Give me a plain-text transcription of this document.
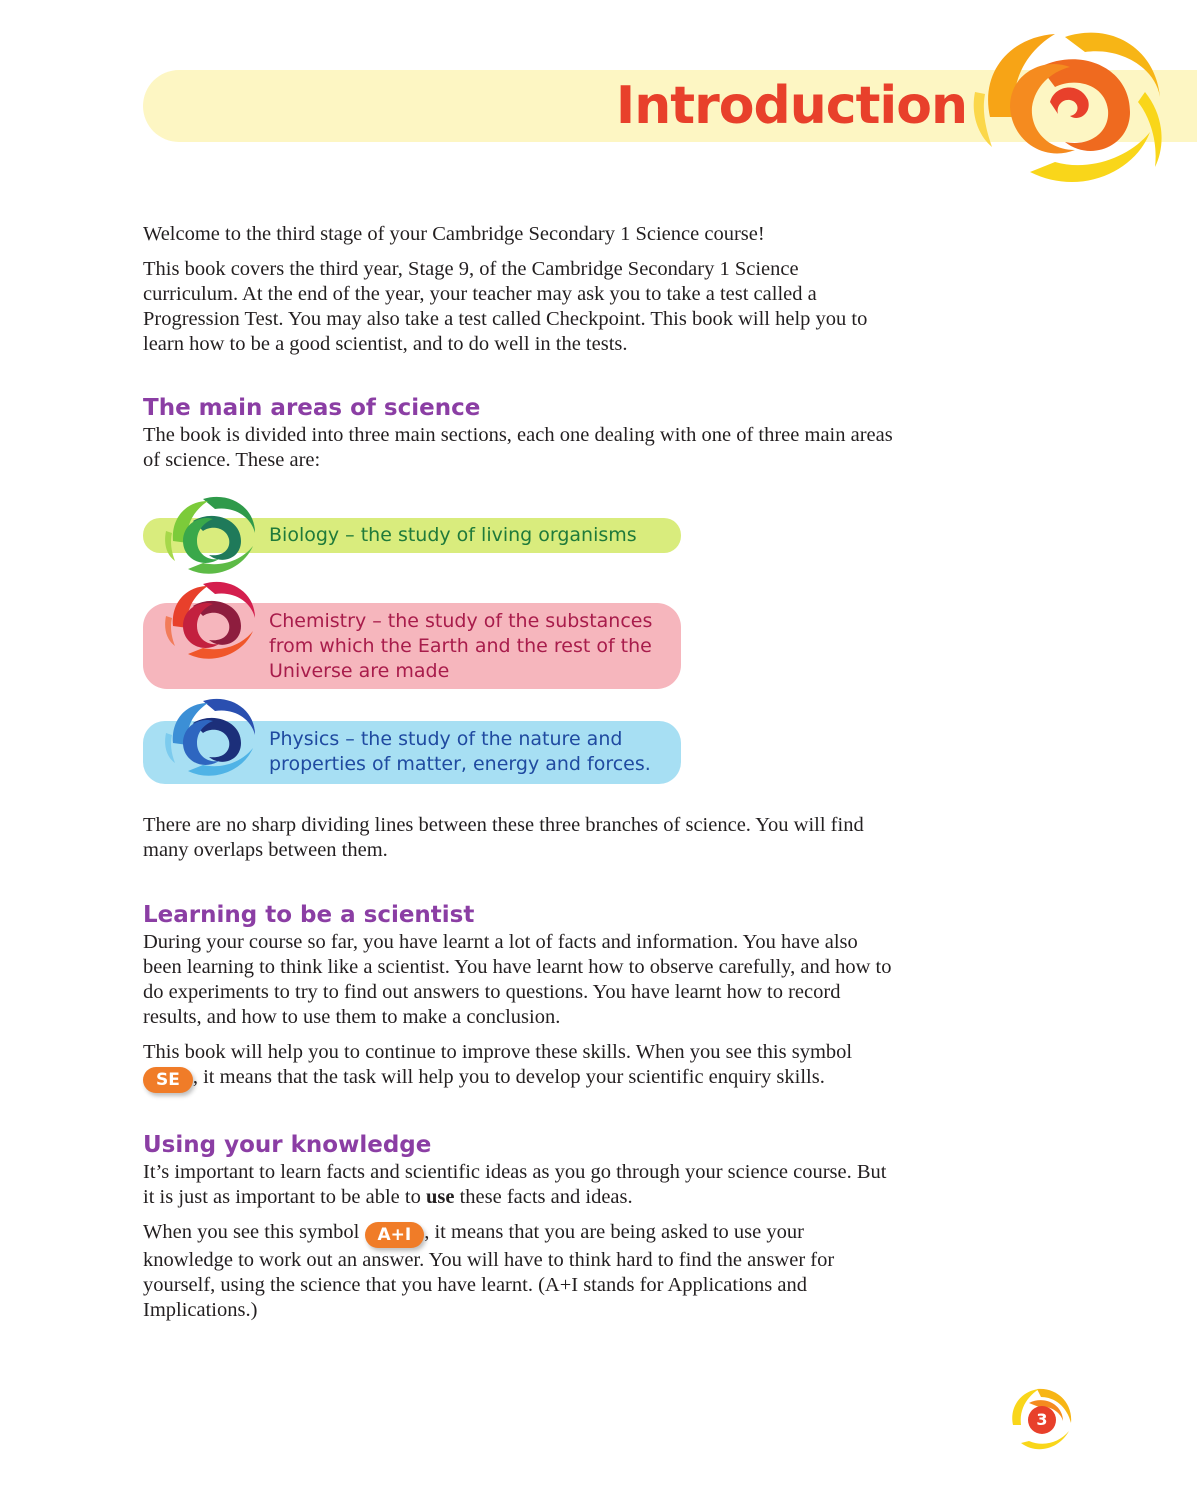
Introduction

Welcome to the third stage of your Cambridge Secondary 1 Science course!

This book covers the third year, Stage 9, of the Cambridge Secondary 1 Science curriculum. At the end of the year, your teacher may ask you to take a test called a Progression Test. You may also take a test called Checkpoint. This book will help you to learn how to be a good scientist, and to do well in the tests.

The main areas of science

The book is divided into three main sections, each one dealing with one of three main areas of science. These are:

Biology – the study of living organisms
Chemistry – the study of the substances from which the Earth and the rest of the Universe are made
Physics – the study of the nature and properties of matter, energy and forces.

There are no sharp dividing lines between these three branches of science. You will find many overlaps between them.

Learning to be a scientist

During your course so far, you have learnt a lot of facts and information. You have also been learning to think like a scientist. You have learnt how to observe carefully, and how to do experiments to try to find out answers to questions. You have learnt how to record results, and how to use them to make a conclusion.

This book will help you to continue to improve these skills. When you see this symbol SE , it means that the task will help you to develop your scientific enquiry skills.

Using your knowledge

It’s important to learn facts and scientific ideas as you go through your science course. But it is just as important to be able to use these facts and ideas.

When you see this symbol A+I , it means that you are being asked to use your knowledge to work out an answer. You will have to think hard to find the answer for yourself, using the science that you have learnt. (A+I stands for Applications and Implications.)

3
